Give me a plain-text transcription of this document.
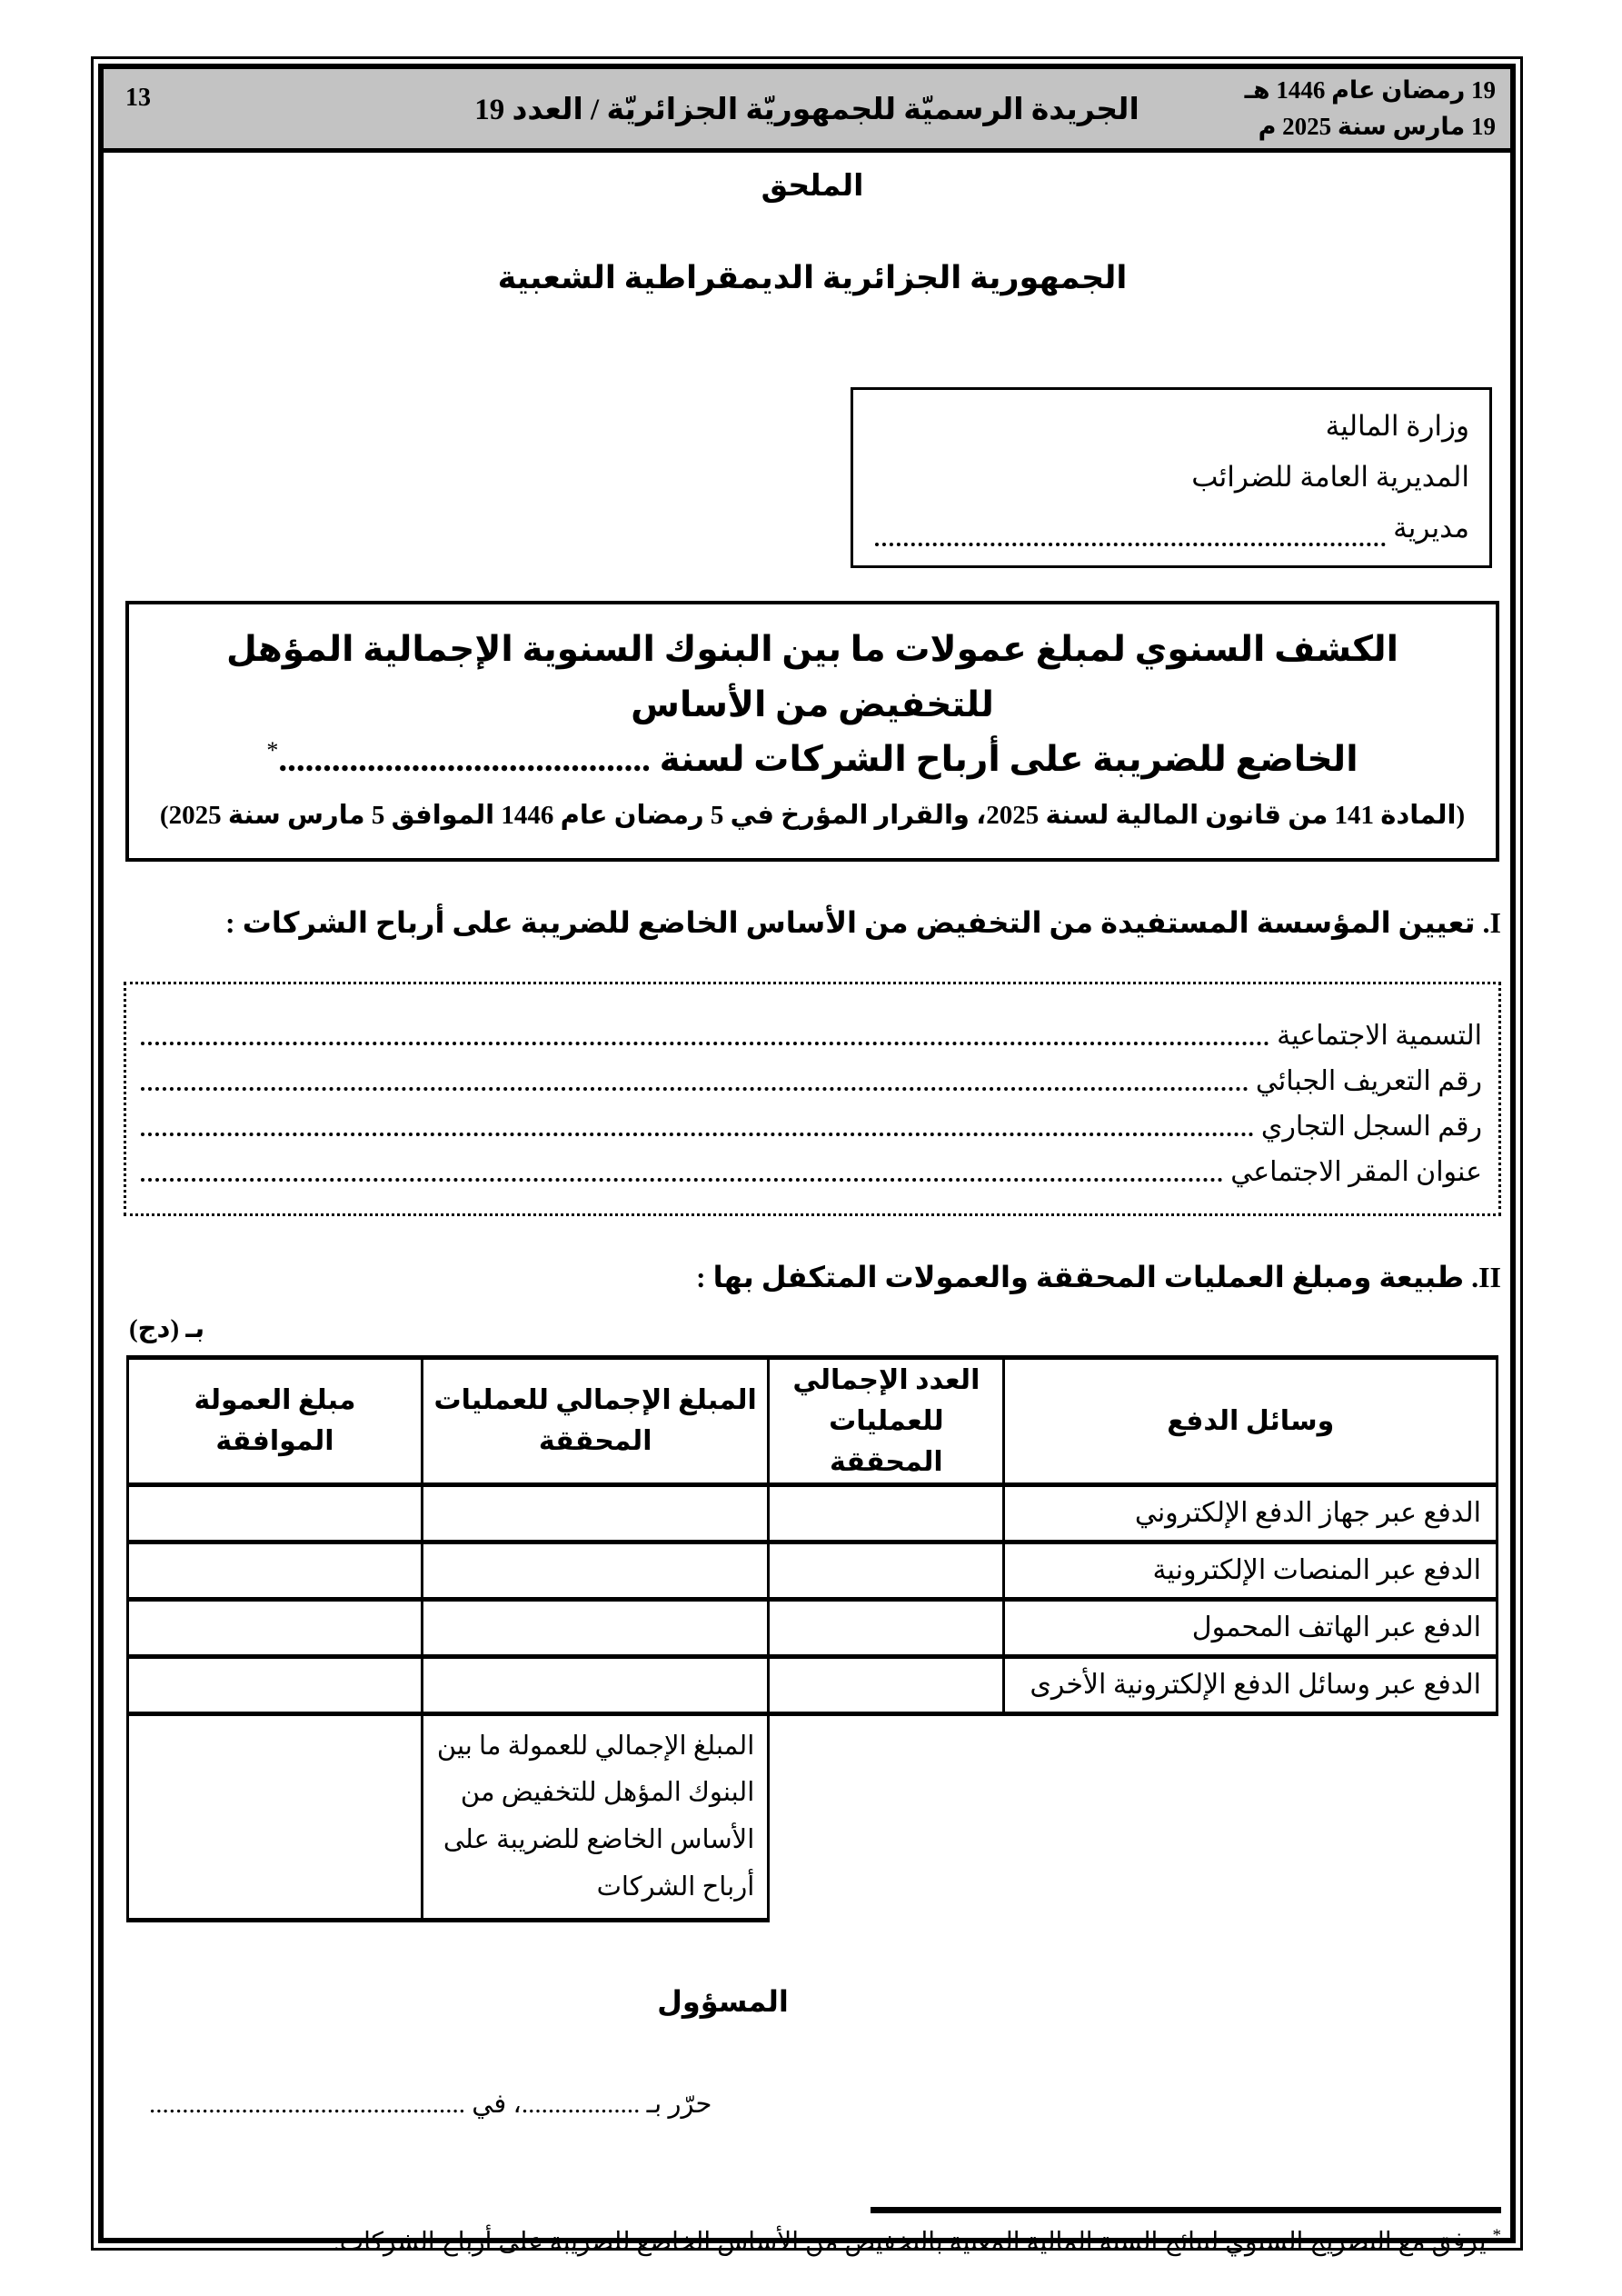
19 رمضان عام 1446 هـ
19 مارس سنة 2025 م
الجريدة الرسميّة للجمهوريّة الجزائريّة / العدد 19
13
الملحق
الجمهورية الجزائرية الديمقراطية الشعبية
وزارة المالية
المديرية العامة للضرائب
مديرية
الكشف السنوي لمبلغ عمولات ما بين البنوك السنوية الإجمالية المؤهل للتخفيض من الأساس
الخاضع للضريبة على أرباح الشركات لسنة ..........................................*
(المادة 141 من قانون المالية لسنة 2025، والقرار المؤرخ في 5 رمضان عام 1446 الموافق 5 مارس سنة 2025)
I. تعيين المؤسسة المستفيدة من التخفيض من الأساس الخاضع للضريبة على أرباح الشركات :
التسمية الاجتماعية
رقم التعريف الجبائي
رقم السجل التجاري
عنوان المقر الاجتماعي
II. طبيعة ومبلغ العمليات المحققة والعمولات المتكفل بها :
بـ (دج)
وسائل الدفع	العدد الإجمالي للعمليات المحققة	المبلغ الإجمالي للعمليات المحققة	مبلغ العمولة الموافقة
الدفع عبر جهاز الدفع الإلكتروني			
الدفع عبر المنصات الإلكترونية			
الدفع عبر الهاتف المحمول			
الدفع عبر وسائل الدفع الإلكترونية الأخرى			
		المبلغ الإجمالي للعمولة ما بين البنوك المؤهل للتخفيض من الأساس الخاضع للضريبة على أرباح الشركات	
المسؤول
حرّر بـ ..................، في ................................................
* يرفق مع التصريح السنوي لنتائج السنة المالية المعنية بالتخفيض من الأساس الخاضع للضريبة على أرباح الشركات.
